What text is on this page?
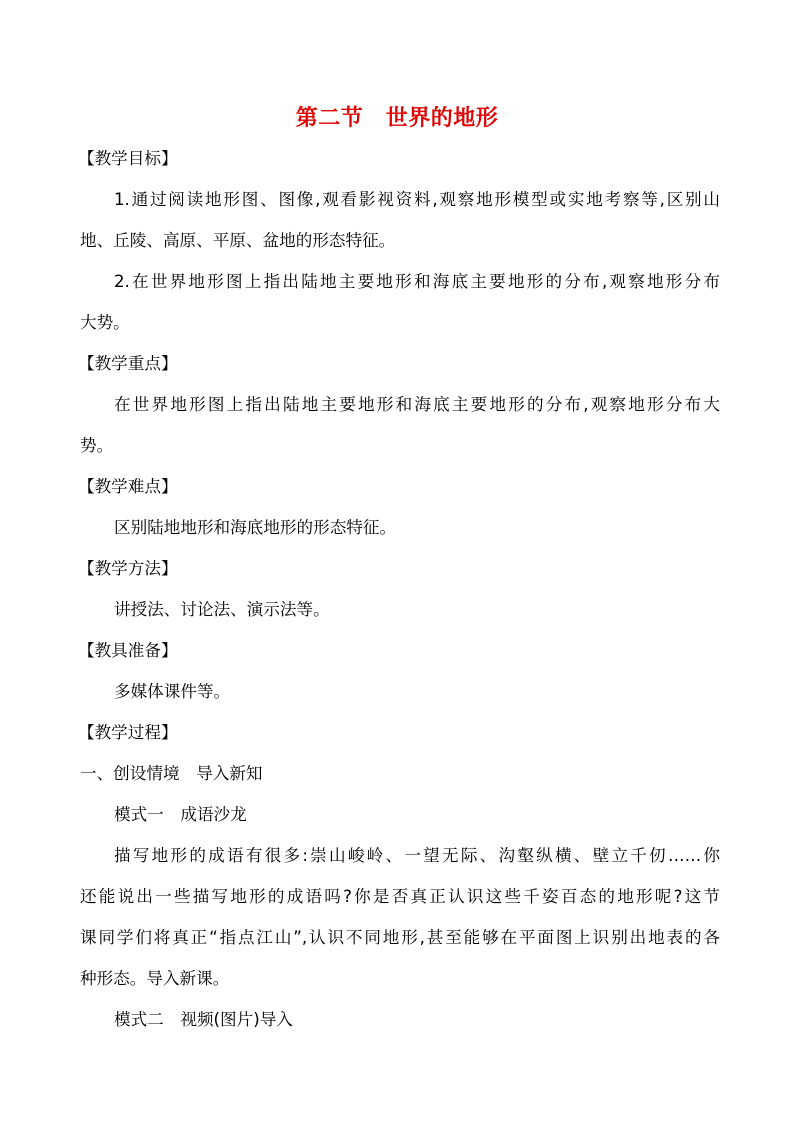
第二节　世界的地形
【教学目标】
1.通过阅读地形图、图像,观看影视资料,观察地形模型或实地考察等,区别山
地、丘陵、高原、平原、盆地的形态特征。
2.在世界地形图上指出陆地主要地形和海底主要地形的分布,观察地形分布
大势。
【教学重点】
在世界地形图上指出陆地主要地形和海底主要地形的分布,观察地形分布大
势。
【教学难点】
区别陆地地形和海底地形的形态特征。
【教学方法】
讲授法、讨论法、演示法等。
【教具准备】
多媒体课件等。
【教学过程】
一、创设情境　导入新知
模式一　成语沙龙
描写地形的成语有很多:崇山峻岭、一望无际、沟壑纵横、壁立千仞……你
还能说出一些描写地形的成语吗?你是否真正认识这些千姿百态的地形呢?这节
课同学们将真正“指点江山”,认识不同地形,甚至能够在平面图上识别出地表的各
种形态。导入新课。
模式二　视频(图片)导入
